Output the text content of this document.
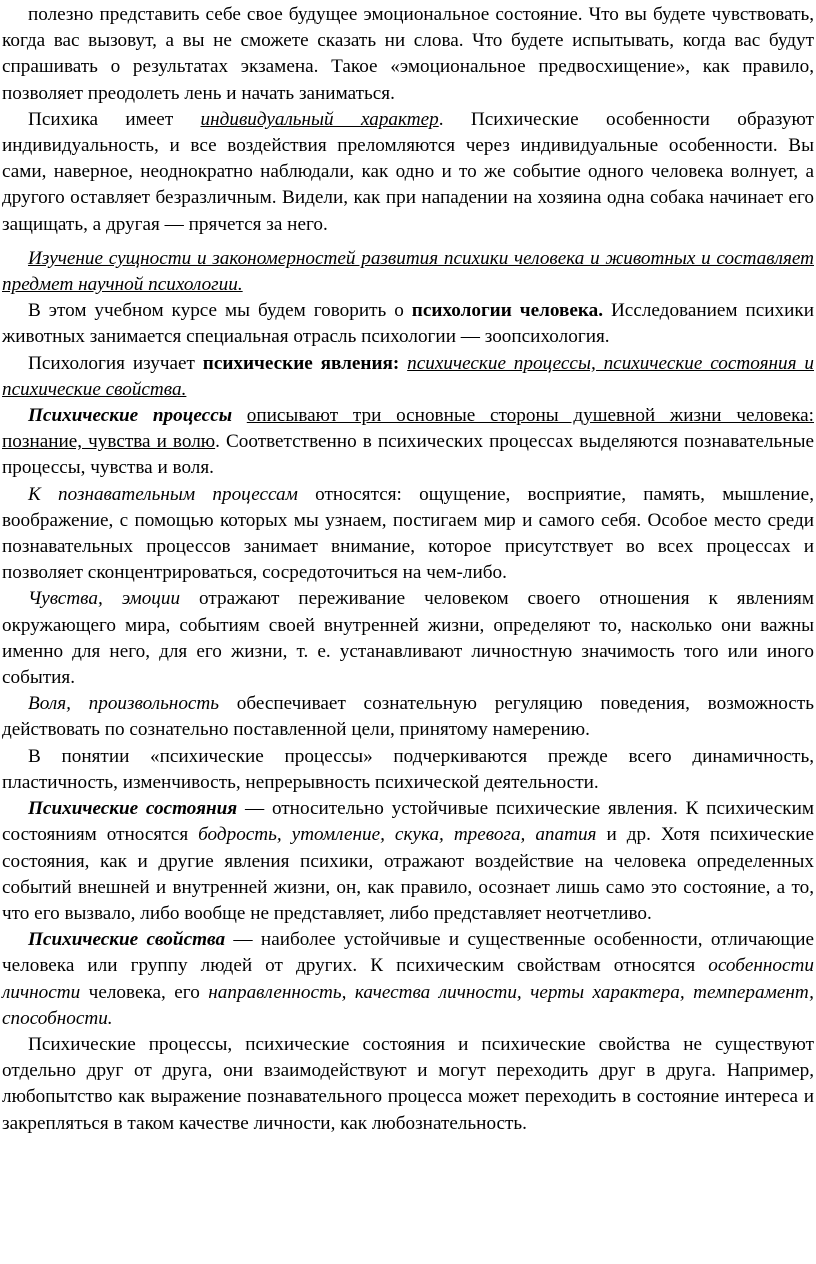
полезно представить себе свое будущее эмоциональное состояние. Что вы будете чувствовать, когда вас вызовут, а вы не сможете сказать ни слова. Что будете испытывать, когда вас будут спрашивать о результатах экзамена. Такое «эмоциональное предвосхищение», как правило, позволяет преодолеть лень и начать заниматься.

Психика имеет индивидуальный характер. Психические особенности образуют индивидуальность, и все воздействия преломляются через индивидуальные особенности. Вы сами, наверное, неоднократно наблюдали, как одно и то же событие одного человека волнует, а другого оставляет безразличным. Видели, как при нападении на хозяина одна собака начинает его защищать, а другая — прячется за него.

Изучение сущности и закономерностей развития психики человека и животных и составляет предмет научной психологии.

В этом учебном курсе мы будем говорить о психологии человека. Исследованием психики животных занимается специальная отрасль психологии — зоопсихология.

Психология изучает психические явления: психические процессы, психические состояния и психические свойства.

Психические процессы описывают три основные стороны душевной жизни человека: познание, чувства и волю. Соответственно в психических процессах выделяются познавательные процессы, чувства и воля.

К познавательным процессам относятся: ощущение, восприятие, память, мышление, воображение, с помощью которых мы узнаем, постигаем мир и самого себя. Особое место среди познавательных процессов занимает внимание, которое присутствует во всех процессах и позволяет сконцентрироваться, сосредоточиться на чем-либо.

Чувства, эмоции отражают переживание человеком своего отношения к явлениям окружающего мира, событиям своей внутренней жизни, определяют то, насколько они важны именно для него, для его жизни, т. е. устанавливают личностную значимость того или иного события.

Воля, произвольность обеспечивает сознательную регуляцию поведения, возможность действовать по сознательно поставленной цели, принятому намерению.

В понятии «психические процессы» подчеркиваются прежде всего динамичность, пластичность, изменчивость, непрерывность психической деятельности.

Психические состояния — относительно устойчивые психические явления. К психическим состояниям относятся бодрость, утомление, скука, тревога, апатия и др. Хотя психические состояния, как и другие явления психики, отражают воздействие на человека определенных событий внешней и внутренней жизни, он, как правило, осознает лишь само это состояние, а то, что его вызвало, либо вообще не представляет, либо представляет неотчетливо.

Психические свойства — наиболее устойчивые и существенные особенности, отличающие человека или группу людей от других. К психическим свойствам относятся особенности личности человека, его направленность, качества личности, черты характера, темперамент, способности.

Психические процессы, психические состояния и психические свойства не существуют отдельно друг от друга, они взаимодействуют и могут переходить друг в друга. Например, любопытство как выражение познавательного процесса может переходить в состояние интереса и закрепляться в таком качестве личности, как любознательность.
